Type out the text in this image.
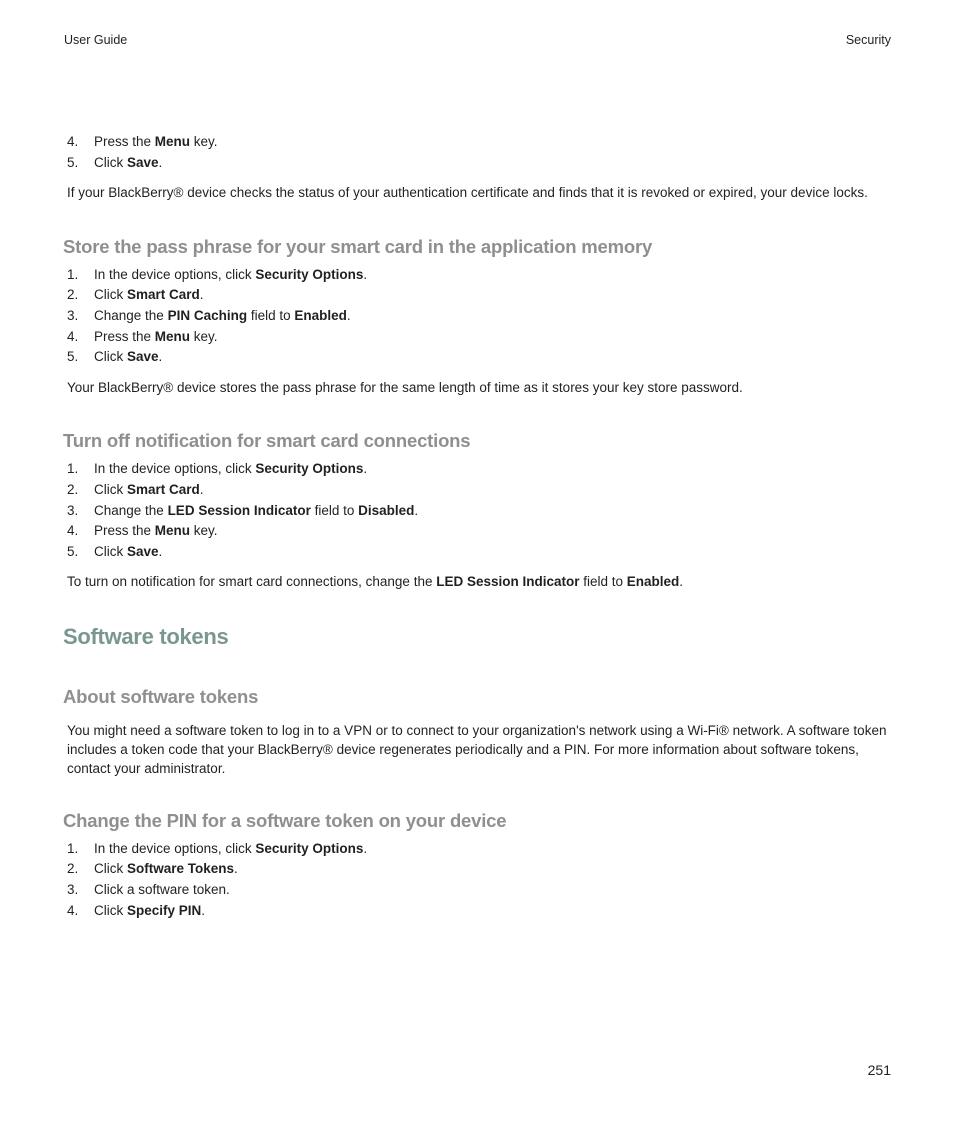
User Guide	Security
4. Press the Menu key.
5. Click Save.
If your BlackBerry® device checks the status of your authentication certificate and finds that it is revoked or expired, your device locks.
Store the pass phrase for your smart card in the application memory
1. In the device options, click Security Options.
2. Click Smart Card.
3. Change the PIN Caching field to Enabled.
4. Press the Menu key.
5. Click Save.
Your BlackBerry® device stores the pass phrase for the same length of time as it stores your key store password.
Turn off notification for smart card connections
1. In the device options, click Security Options.
2. Click Smart Card.
3. Change the LED Session Indicator field to Disabled.
4. Press the Menu key.
5. Click Save.
To turn on notification for smart card connections, change the LED Session Indicator field to Enabled.
Software tokens
About software tokens
You might need a software token to log in to a VPN or to connect to your organization's network using a Wi-Fi® network. A software token includes a token code that your BlackBerry® device regenerates periodically and a PIN. For more information about software tokens, contact your administrator.
Change the PIN for a software token on your device
1. In the device options, click Security Options.
2. Click Software Tokens.
3. Click a software token.
4. Click Specify PIN.
251
